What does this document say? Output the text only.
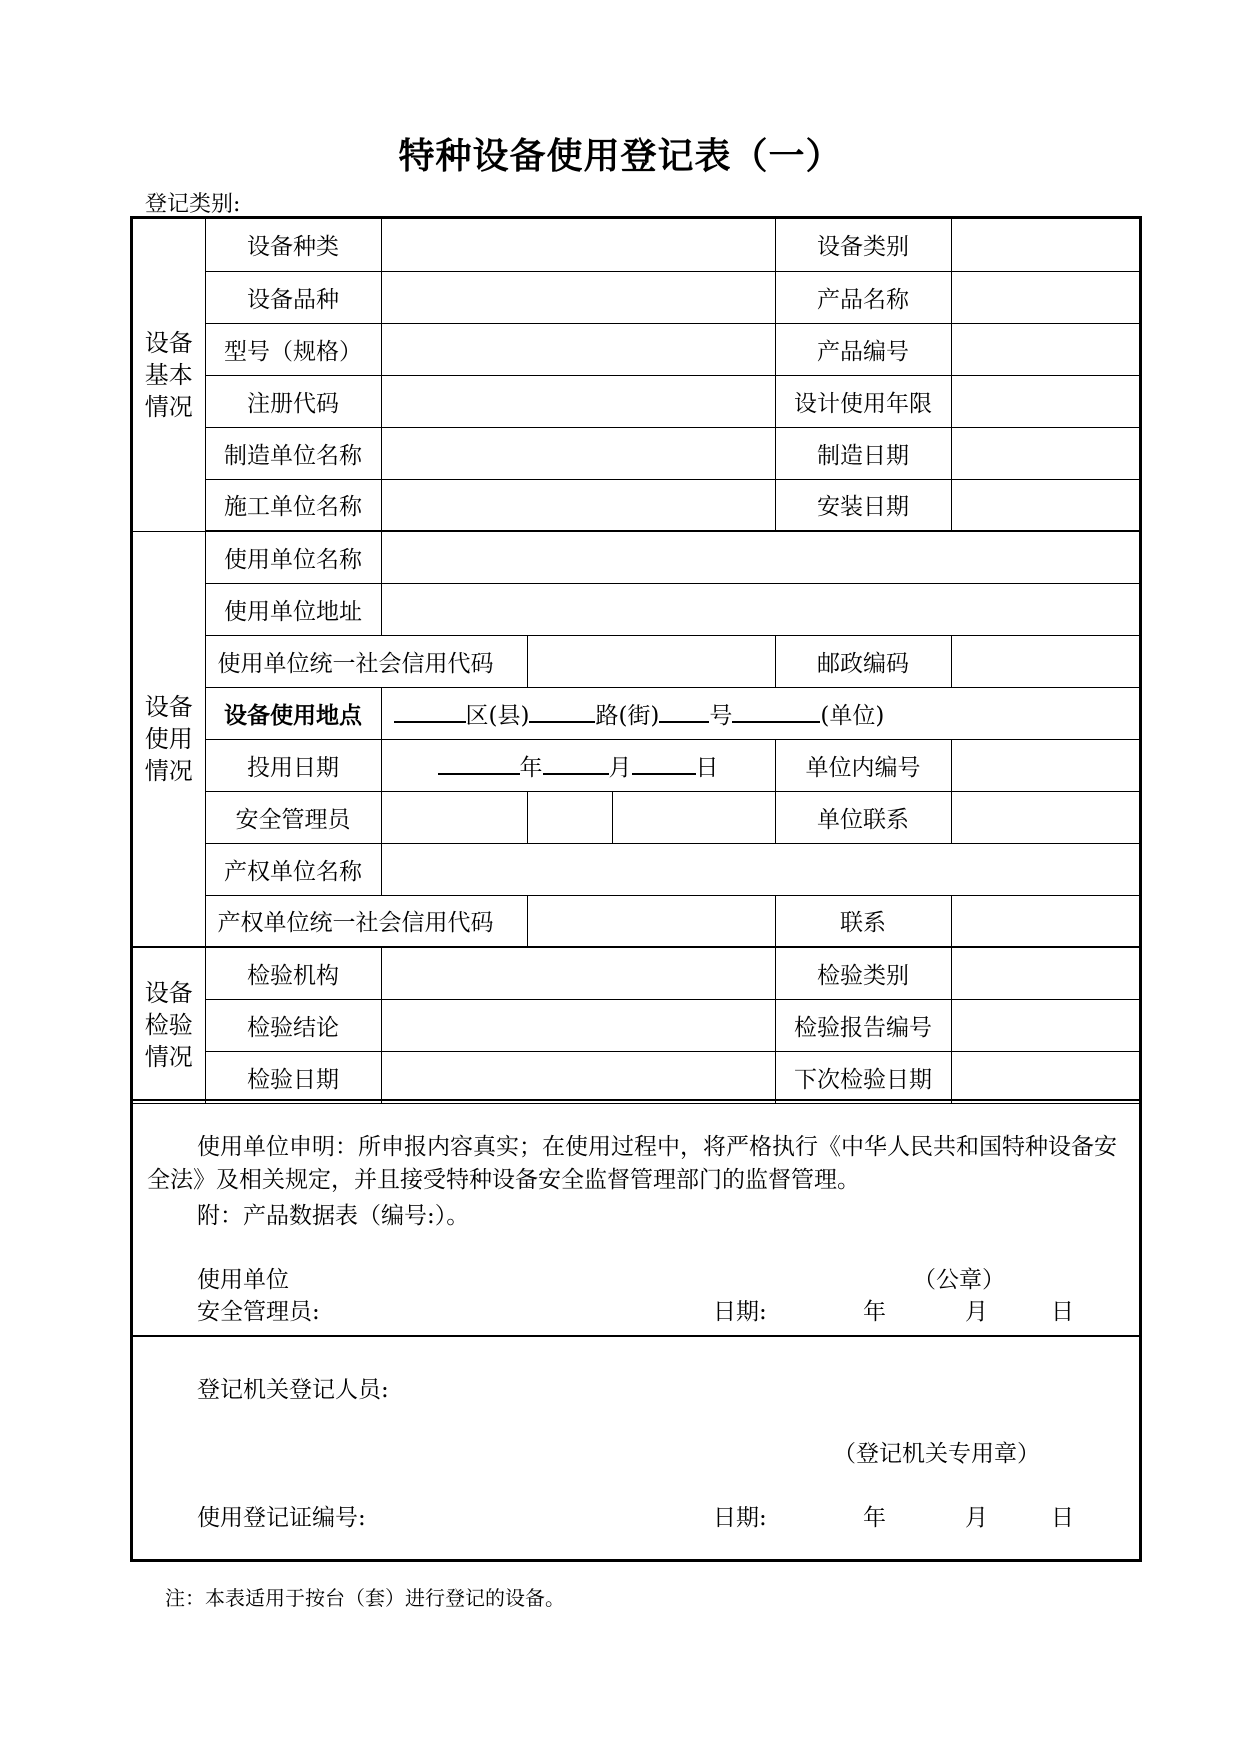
特种设备使用登记表（一）
登记类别:
设备基本情况	设备种类				设备类别	
	设备品种				产品名称	
	型号（规格）				产品编号	
	注册代码				设计使用年限	
	制造单位名称				制造日期	
	施工单位名称				安装日期	
设备使用情况	使用单位名称					
	使用单位地址					
	使用单位统一社会信用代码				邮政编码	
	设备使用地点	区(县) 路(街) 号 (单位)				
	投用日期	年 月 日			单位内编号	
	安全管理员				单位联系	
	产权单位名称					
	产权单位统一社会信用代码				联系	
设备检验情况	检验机构				检验类别	
	检验结论				检验报告编号	
	检验日期				下次检验日期	
使用单位申明：所申报内容真实；在使用过程中，将严格执行《中华人民共和国特种设备安全法》及相关规定，并且接受特种设备安全监督管理部门的监督管理。
附：产品数据表（编号:）。
使用单位	（公章）
安全管理员:	日期:	年	月	日
登记机关登记人员:
（登记机关专用章）
使用登记证编号:	日期:	年	月	日
注：本表适用于按台（套）进行登记的设备。
